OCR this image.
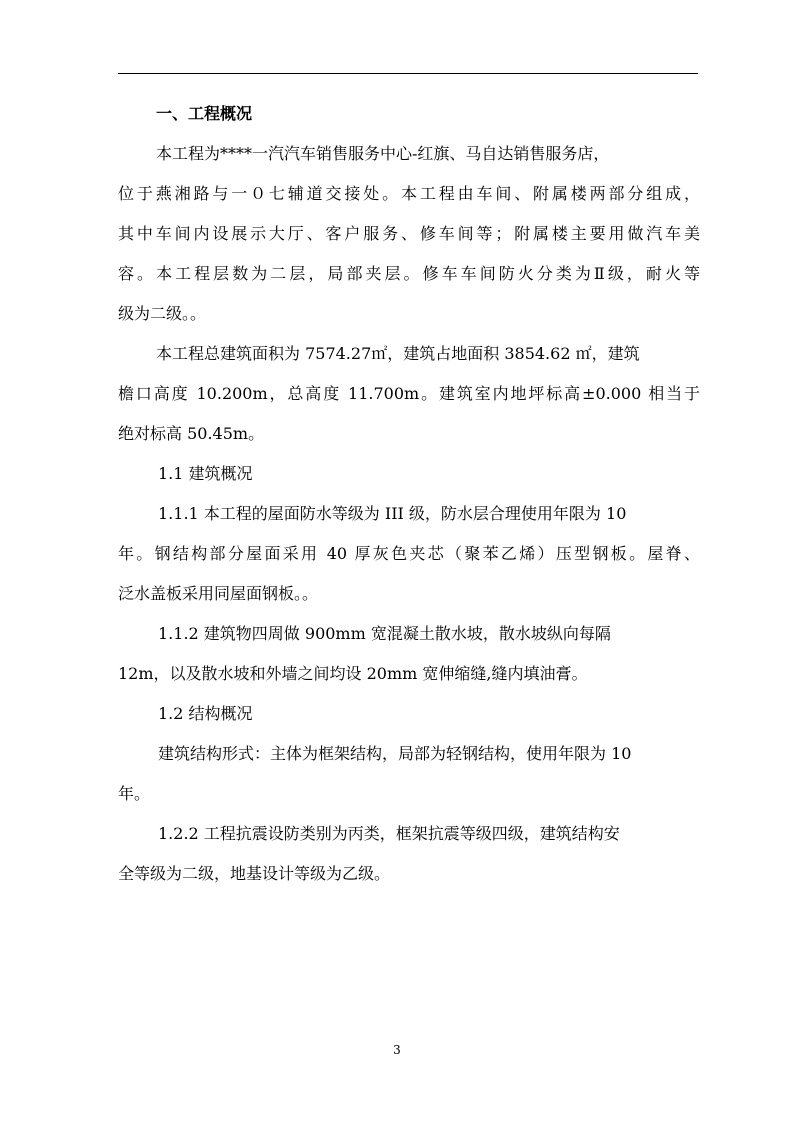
一、工程概况
本工程为****一汽汽车销售服务中心-红旗、马自达销售服务店，
位于燕湘路与一０七辅道交接处。本工程由车间、附属楼两部分组成，
其中车间内设展示大厅、客户服务、修车间等；附属楼主要用做汽车美
容。本工程层数为二层，局部夹层。修车车间防火分类为Ⅱ级，耐火等
级为二级。。
本工程总建筑面积为 7574.27㎡，建筑占地面积 3854.62 ㎡，建筑
檐口高度 10.200m，总高度 11.700m。建筑室内地坪标高±0.000 相当于
绝对标高 50.45m。
1.1 建筑概况
1.1.1 本工程的屋面防水等级为 III 级，防水层合理使用年限为 10
年。钢结构部分屋面采用 40 厚灰色夹芯（聚苯乙烯）压型钢板。屋脊、
泛水盖板采用同屋面钢板。。
1.1.2 建筑物四周做 900mm 宽混凝土散水坡，散水坡纵向每隔
12m，以及散水坡和外墙之间均设 20mm 宽伸缩缝,缝内填油膏。
1.2 结构概况
建筑结构形式：主体为框架结构，局部为轻钢结构，使用年限为 10
年。
1.2.2 工程抗震设防类别为丙类，框架抗震等级四级，建筑结构安
全等级为二级，地基设计等级为乙级。
3
